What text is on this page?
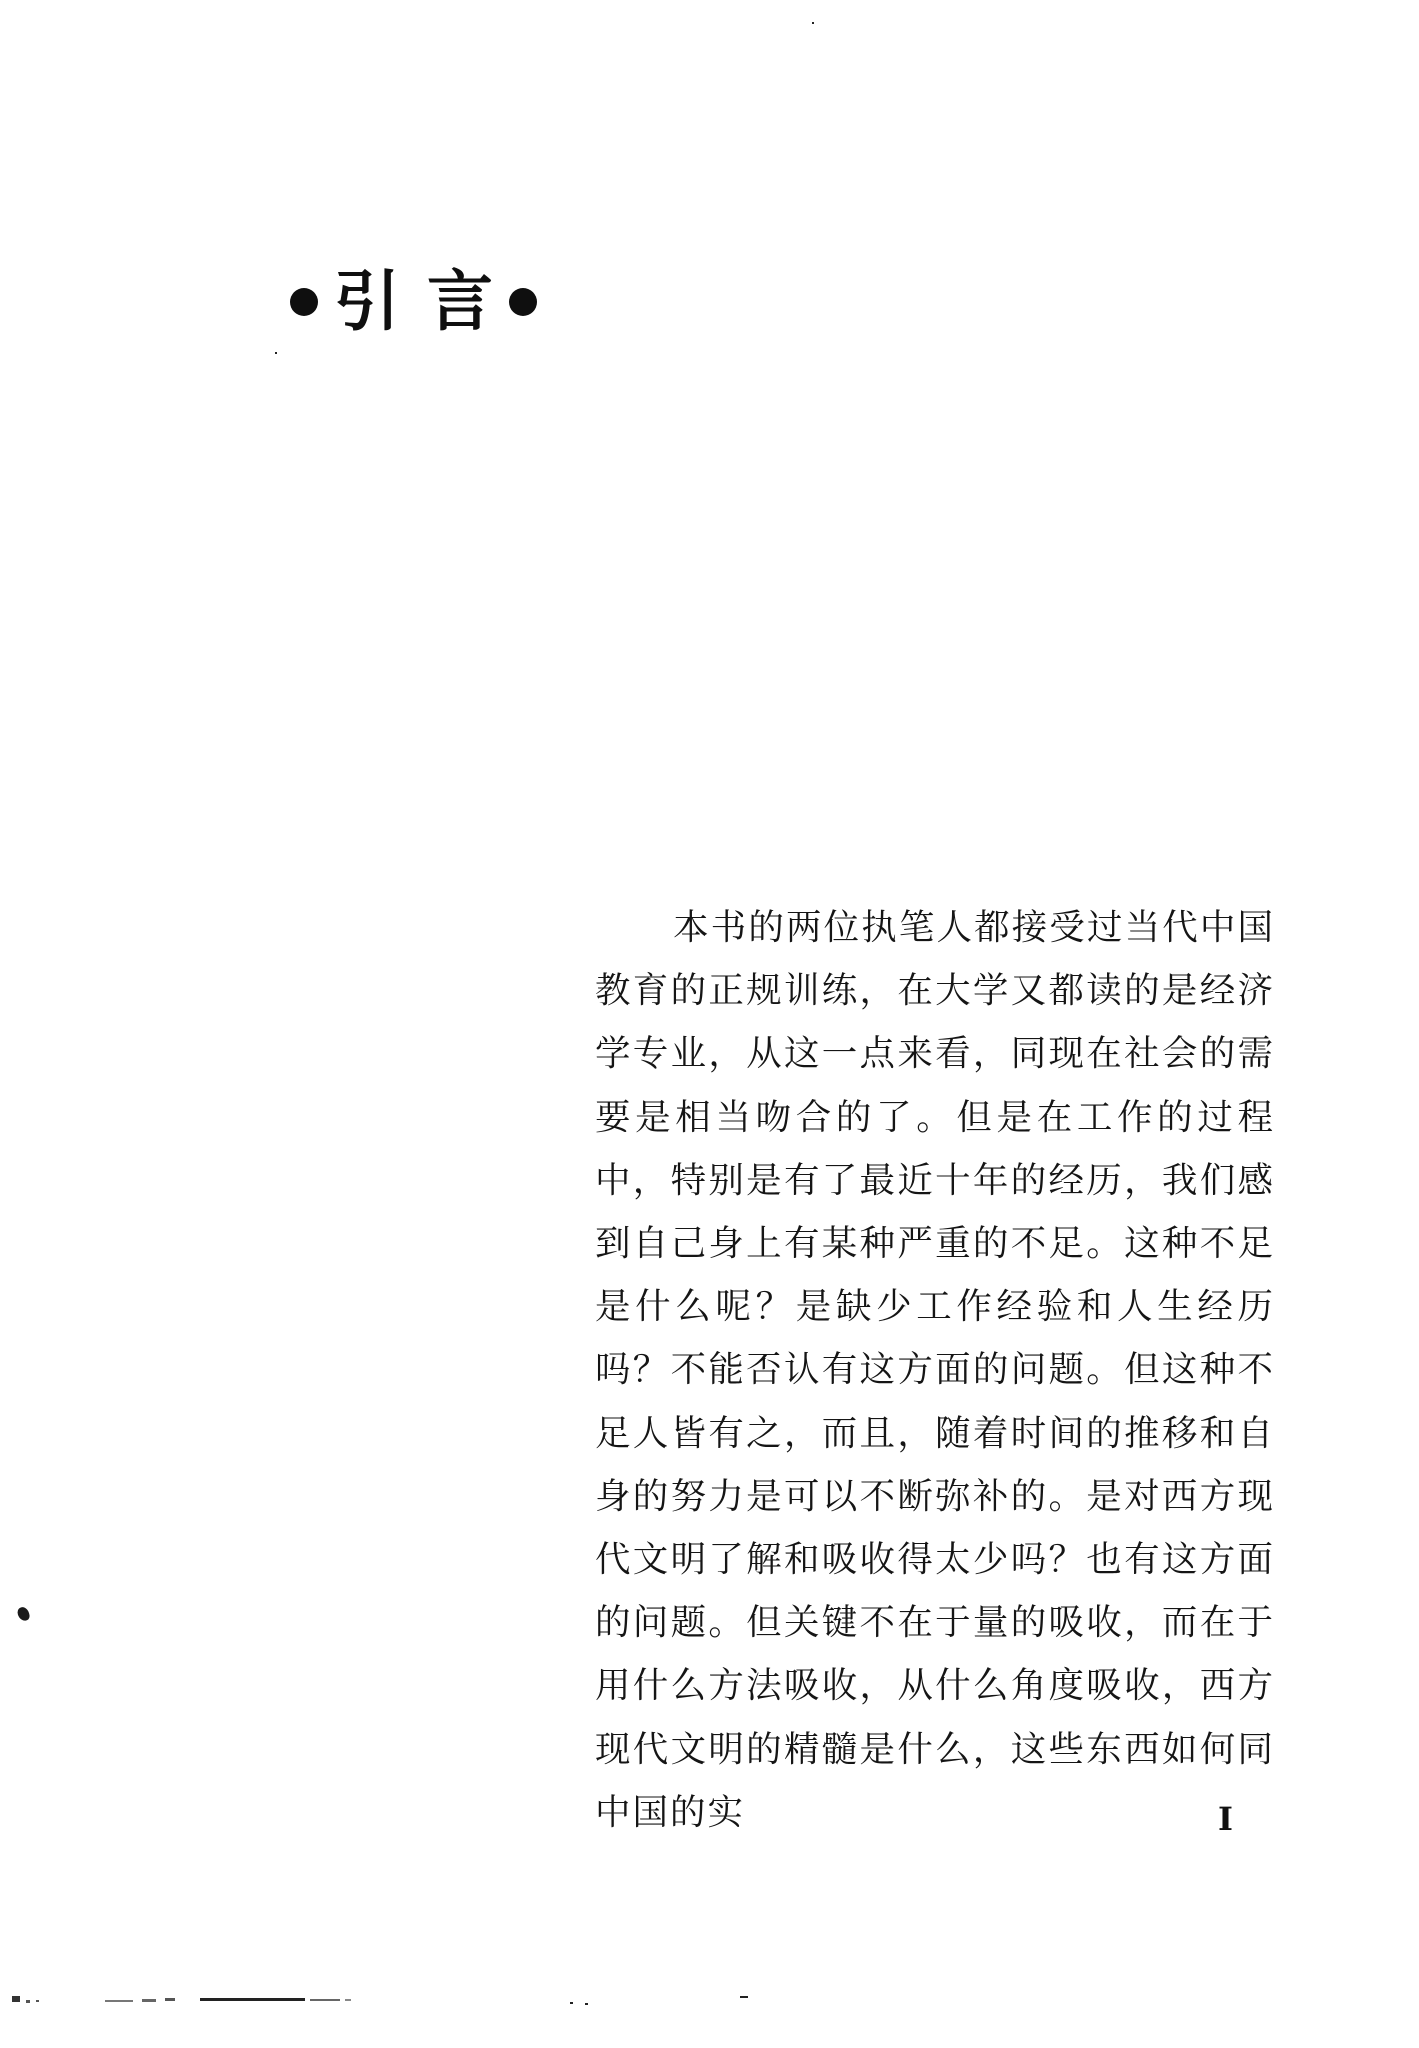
引 言
本书的两位执笔人都接受过当代中国教育的正规训练，在大学又都读的是经济学专业，从这一点来看，同现在社会的需要是相当吻合的了。但是在工作的过程中，特别是有了最近十年的经历，我们感到自己身上有某种严重的不足。这种不足是什么呢？是缺少工作经验和人生经历吗？不能否认有这方面的问题。但这种不足人皆有之，而且，随着时间的推移和自身的努力是可以不断弥补的。是对西方现代文明了解和吸收得太少吗？也有这方面的问题。但关键不在于量的吸收，而在于用什么方法吸收，从什么角度吸收，西方现代文明的精髓是什么，这些东西如何同中国的实	I
